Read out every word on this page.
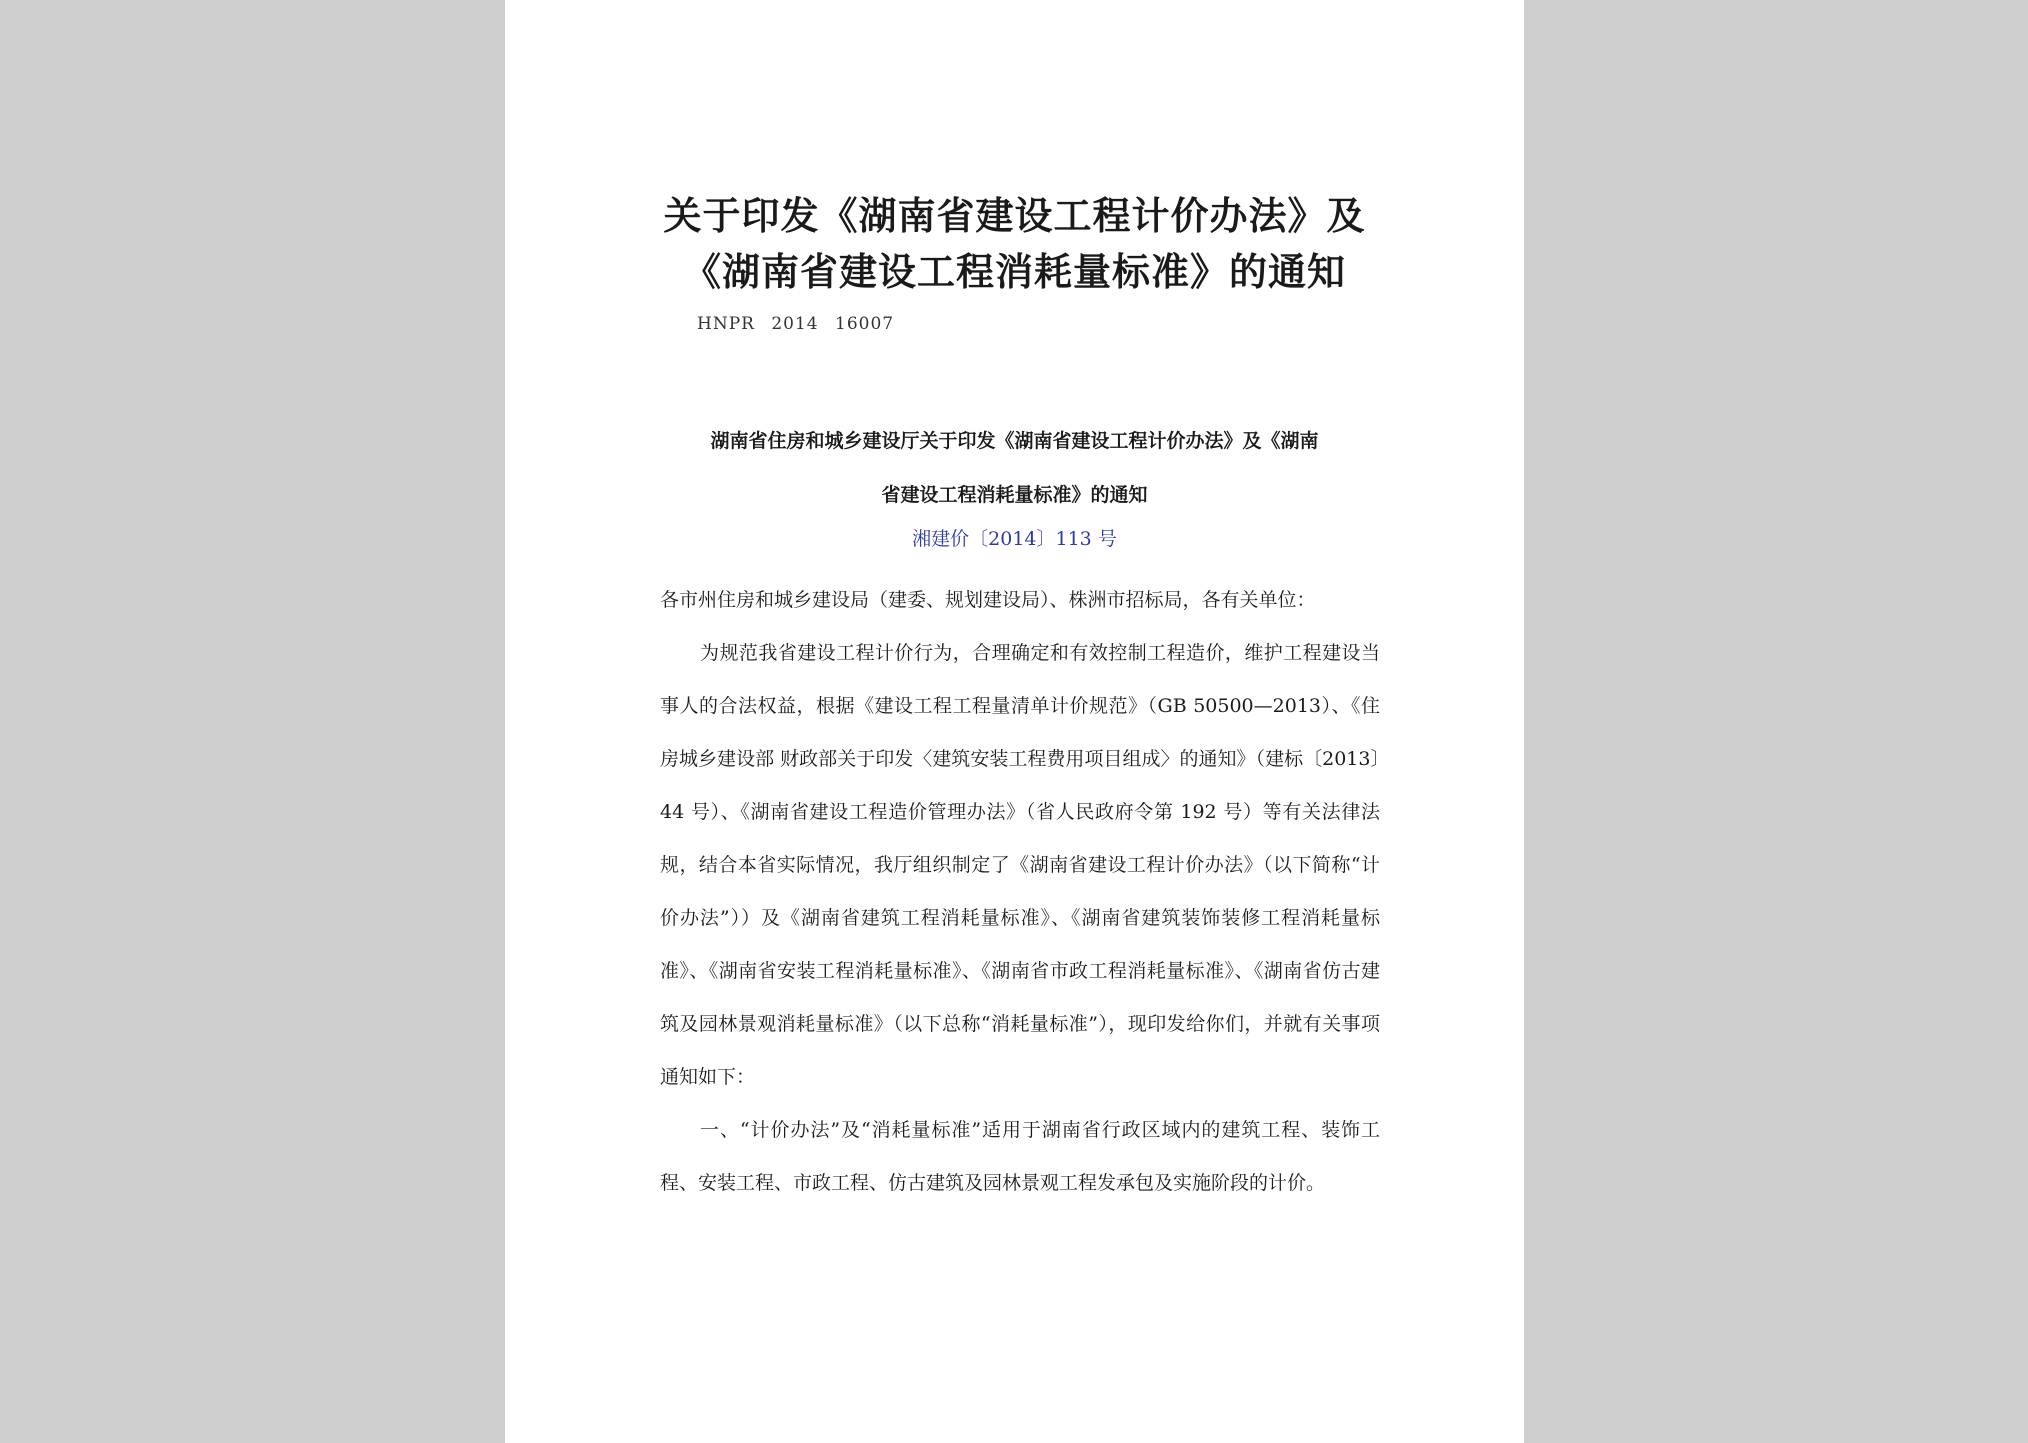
关于印发《湖南省建设工程计价办法》及
《湖南省建设工程消耗量标准》的通知
HNPR 2014 16007
湖南省住房和城乡建设厅关于印发《湖南省建设工程计价办法》及《湖南
省建设工程消耗量标准》的通知
湘建价〔2014〕113 号

各市州住房和城乡建设局（建委、规划建设局）、株洲市招标局，各有关单位：

为规范我省建设工程计价行为，合理确定和有效控制工程造价，维护工程建设当事人的合法权益，根据《建设工程工程量清单计价规范》（GB 50500—2013）、《住房城乡建设部 财政部关于印发〈建筑安装工程费用项目组成〉的通知》（建标〔2013〕44 号）、《湖南省建设工程造价管理办法》（省人民政府令第 192 号）等有关法律法规，结合本省实际情况，我厅组织制定了《湖南省建设工程计价办法》（以下简称“计价办法”））及《湖南省建筑工程消耗量标准》、《湖南省建筑装饰装修工程消耗量标准》、《湖南省安装工程消耗量标准》、《湖南省市政工程消耗量标准》、《湖南省仿古建筑及园林景观消耗量标准》（以下总称“消耗量标准”），现印发给你们，并就有关事项通知如下：

一、“计价办法”及“消耗量标准”适用于湖南省行政区域内的建筑工程、装饰工程、安装工程、市政工程、仿古建筑及园林景观工程发承包及实施阶段的计价。
